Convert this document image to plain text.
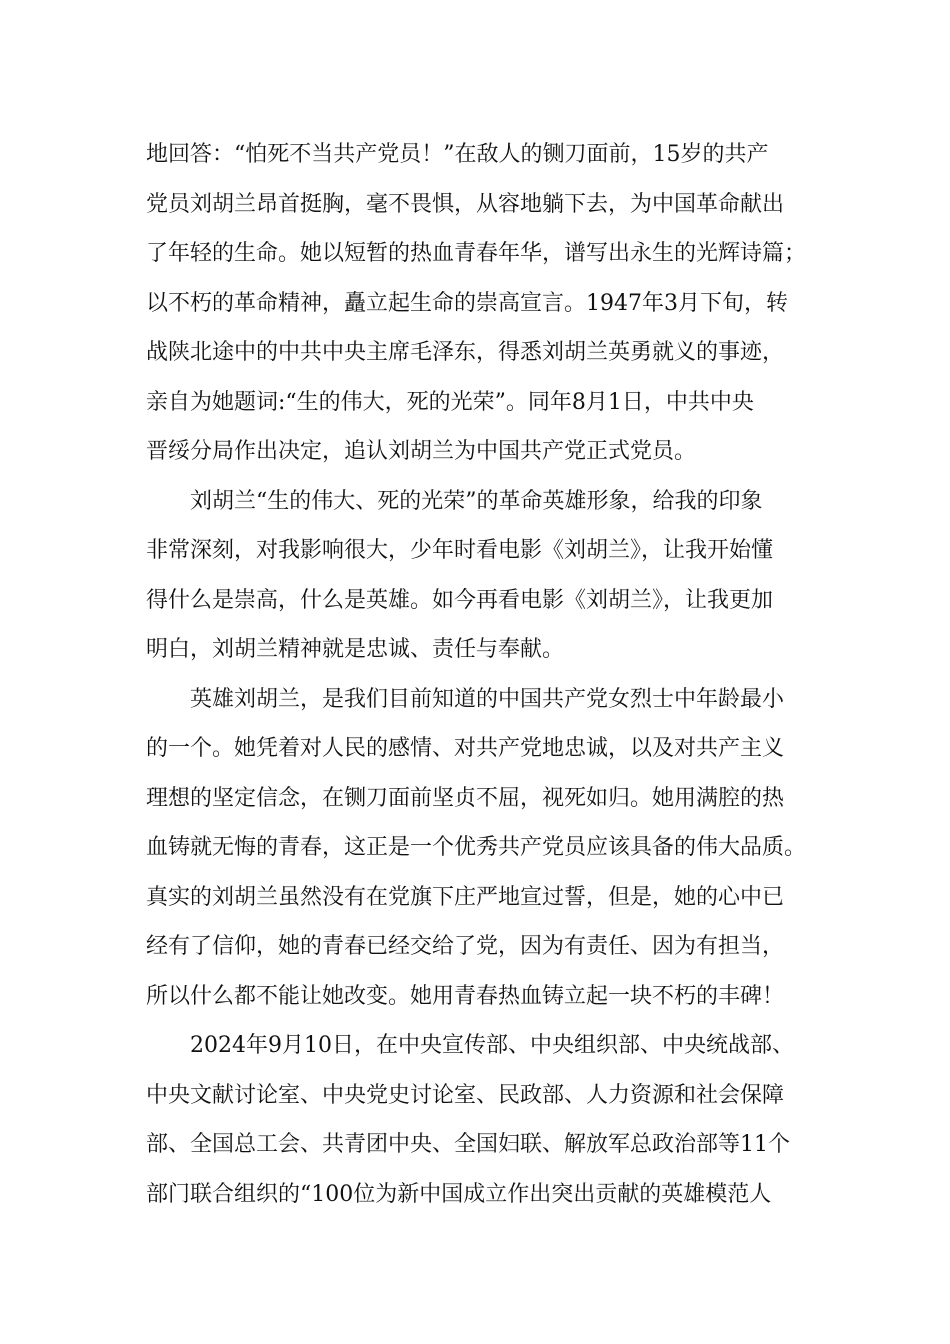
地回答：“怕死不当共产党员！”在敌人的铡刀面前，15岁的共产
党员刘胡兰昂首挺胸，毫不畏惧，从容地躺下去，为中国革命献出
了年轻的生命。她以短暂的热血青春年华，谱写出永生的光辉诗篇；
以不朽的革命精神，矗立起生命的崇高宣言。1947年3月下旬，转
战陕北途中的中共中央主席毛泽东，得悉刘胡兰英勇就义的事迹，
亲自为她题词:“生的伟大，死的光荣”。同年8月1日，中共中央
晋绥分局作出决定，追认刘胡兰为中国共产党正式党员。
刘胡兰“生的伟大、死的光荣”的革命英雄形象，给我的印象
非常深刻，对我影响很大，少年时看电影《刘胡兰》，让我开始懂
得什么是崇高，什么是英雄。如今再看电影《刘胡兰》，让我更加
明白，刘胡兰精神就是忠诚、责任与奉献。
英雄刘胡兰，是我们目前知道的中国共产党女烈士中年龄最小
的一个。她凭着对人民的感情、对共产党地忠诚，以及对共产主义
理想的坚定信念，在铡刀面前坚贞不屈，视死如归。她用满腔的热
血铸就无悔的青春，这正是一个优秀共产党员应该具备的伟大品质。
真实的刘胡兰虽然没有在党旗下庄严地宣过誓，但是，她的心中已
经有了信仰，她的青春已经交给了党，因为有责任、因为有担当，
所以什么都不能让她改变。她用青春热血铸立起一块不朽的丰碑！
2024年9月10日，在中央宣传部、中央组织部、中央统战部、
中央文献讨论室、中央党史讨论室、民政部、人力资源和社会保障
部、全国总工会、共青团中央、全国妇联、解放军总政治部等11个
部门联合组织的“100位为新中国成立作出突出贡献的英雄模范人
